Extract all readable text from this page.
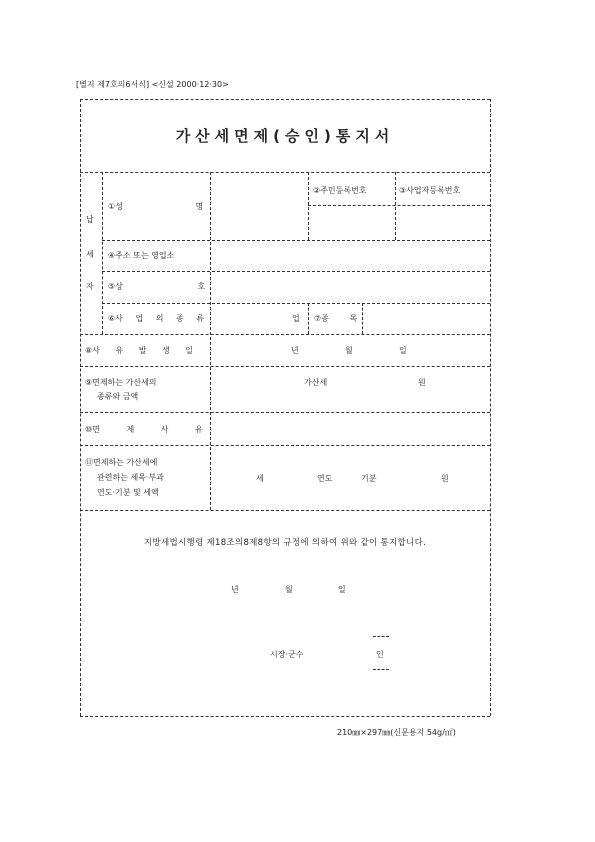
[별지 제7호의6서식] <신설 2000·12·30>
가산세면제(승인)통지서
납
세
자
①성 명
②주민등록번호	③사업자등록번호
④주소 또는 영업소
⑤상 호
⑥사 업 의 종 류	업 ⑦종 목
⑧사 유 발 생 일	년	월	일
⑨면제하는 가산세의
종류와 금액
가산세	원
⑩면 제 사 유
⑪면제하는 가산세에
관련하는 세목·부과
연도·기분 및 세액
세	연도	기분	원
지방세법시행령 제18조의8제8항의 규정에 의하여 위와 같이 통지합니다.
년	월	일
시장·군수	인
210㎜×297㎜(신문용지 54g/㎡)
